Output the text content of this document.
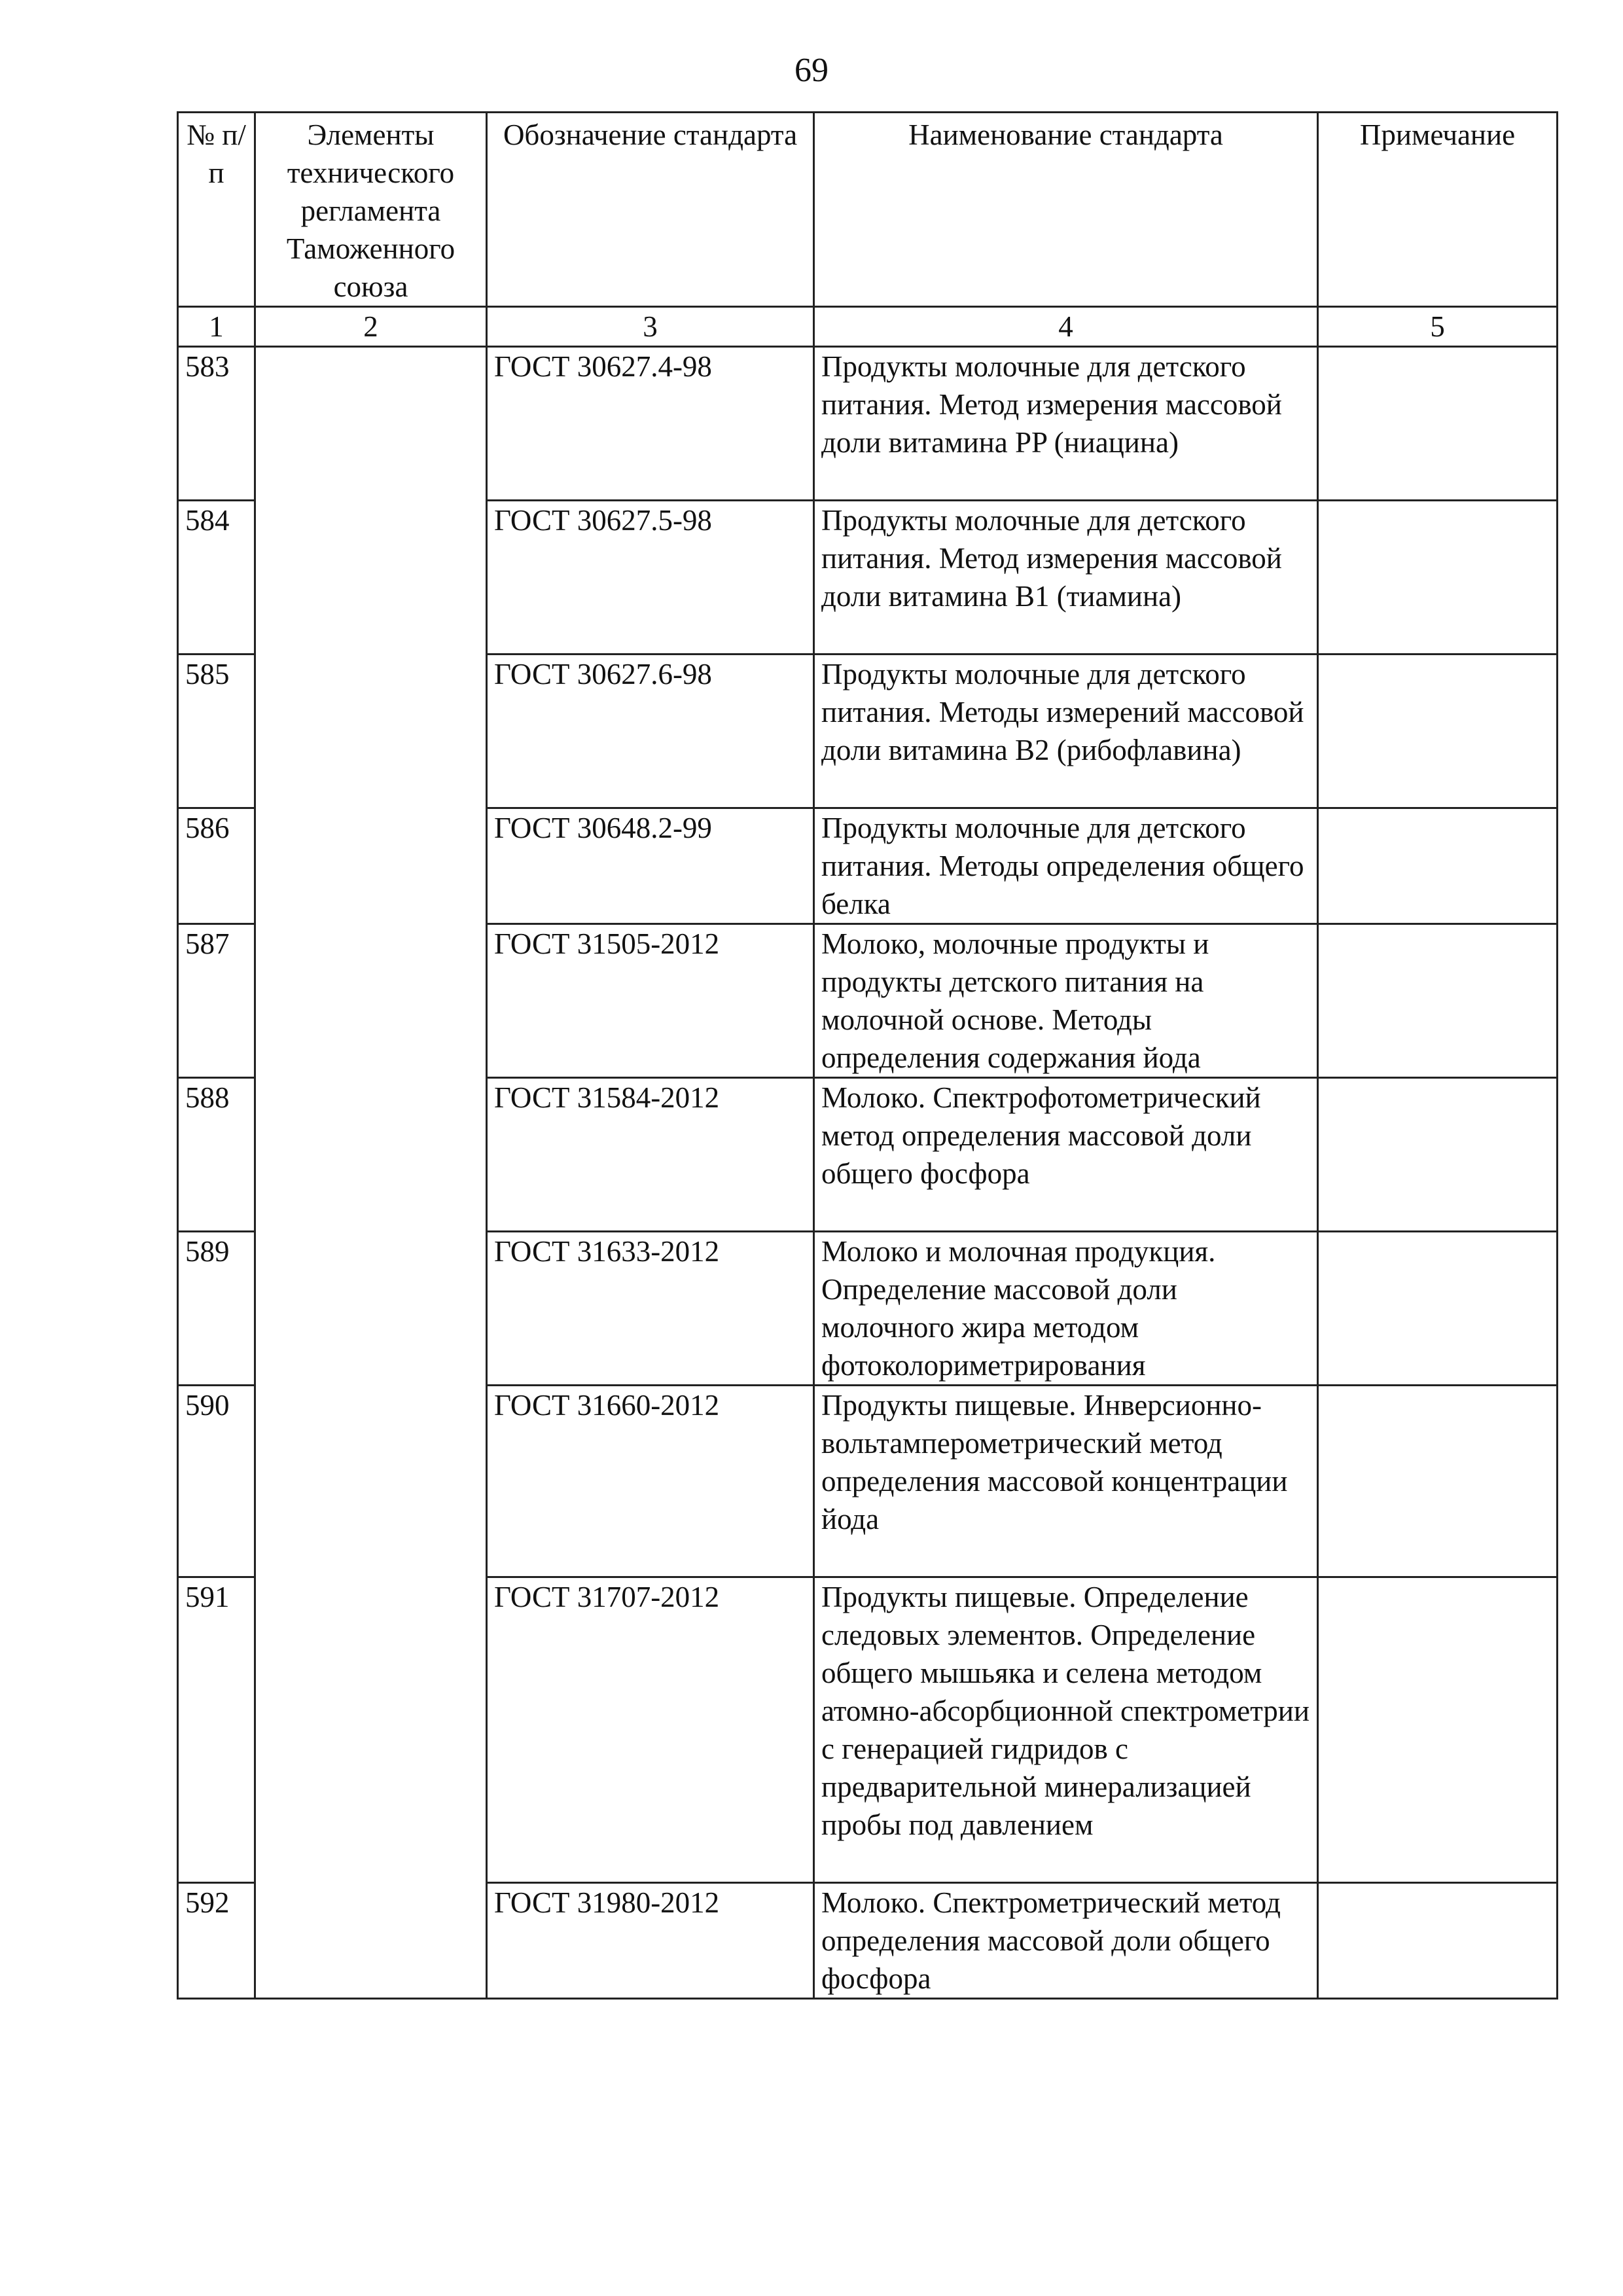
69
№ п/п	Элементы технического регламента Таможенного союза	Обозначение стандарта	Наименование стандарта	Примечание
1	2	3	4	5
583		ГОСТ 30627.4-98	Продукты молочные для детского питания. Метод измерения массовой доли витамина PP (ниацина)	
584		ГОСТ 30627.5-98	Продукты молочные для детского питания. Метод измерения массовой доли витамина B1 (тиамина)	
585		ГОСТ 30627.6-98	Продукты молочные для детского питания. Методы измерений массовой доли витамина B2 (рибофлавина)	
586		ГОСТ 30648.2-99	Продукты молочные для детского питания. Методы определения общего белка	
587		ГОСТ 31505-2012	Молоко, молочные продукты и продукты детского питания на молочной основе. Методы определения содержания йода	
588		ГОСТ 31584-2012	Молоко. Спектрофотометрический метод определения массовой доли общего фосфора	
589		ГОСТ 31633-2012	Молоко и молочная продукция. Определение массовой доли молочного жира методом фотоколориметрирования	
590		ГОСТ 31660-2012	Продукты пищевые. Инверсионно-вольтамперометрический метод определения массовой концентрации йода	
591		ГОСТ 31707-2012	Продукты пищевые. Определение следовых элементов. Определение общего мышьяка и селена методом атомно-абсорбционной спектрометрии с генерацией гидридов с предварительной минерализацией пробы под давлением	
592		ГОСТ 31980-2012	Молоко. Спектрометрический метод определения массовой доли общего фосфора	
